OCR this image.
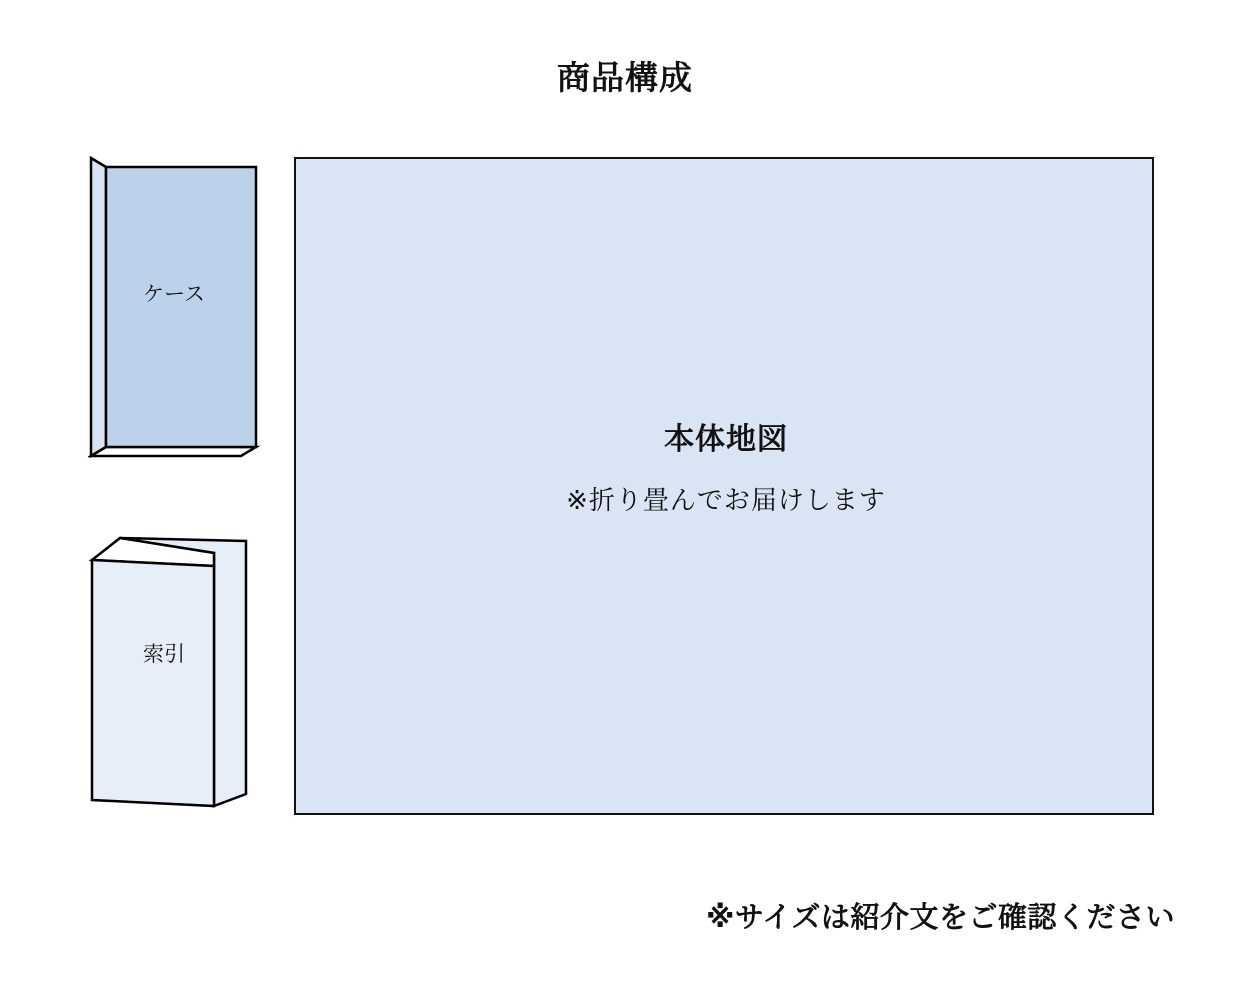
商品構成
ケース
索引
本体地図
※折り畳んでお届けします
※サイズは紹介文をご確認ください
